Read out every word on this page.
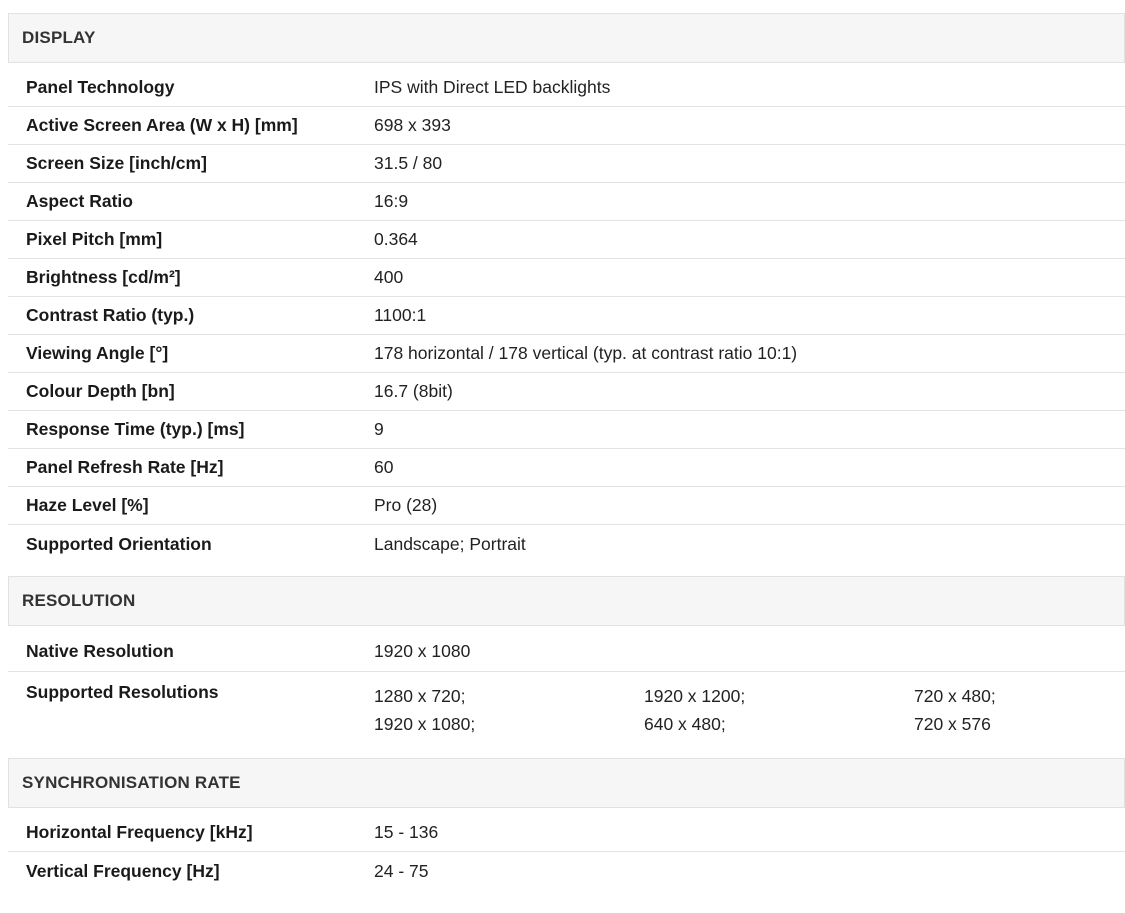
DISPLAY
Panel Technology	IPS with Direct LED backlights
Active Screen Area (W x H) [mm]	698 x 393
Screen Size [inch/cm]	31.5 / 80
Aspect Ratio	16:9
Pixel Pitch [mm]	0.364
Brightness [cd/m²]	400
Contrast Ratio (typ.)	1100:1
Viewing Angle [°]	178 horizontal / 178 vertical (typ. at contrast ratio 10:1)
Colour Depth [bn]	16.7 (8bit)
Response Time (typ.) [ms]	9
Panel Refresh Rate [Hz]	60
Haze Level [%]	Pro (28)
Supported Orientation	Landscape; Portrait
RESOLUTION
Native Resolution	1920 x 1080
Supported Resolutions	1280 x 720;	1920 x 1200;	720 x 480;
1920 x 1080;	640 x 480;	720 x 576
SYNCHRONISATION RATE
Horizontal Frequency [kHz]	15 - 136
Vertical Frequency [Hz]	24 - 75
